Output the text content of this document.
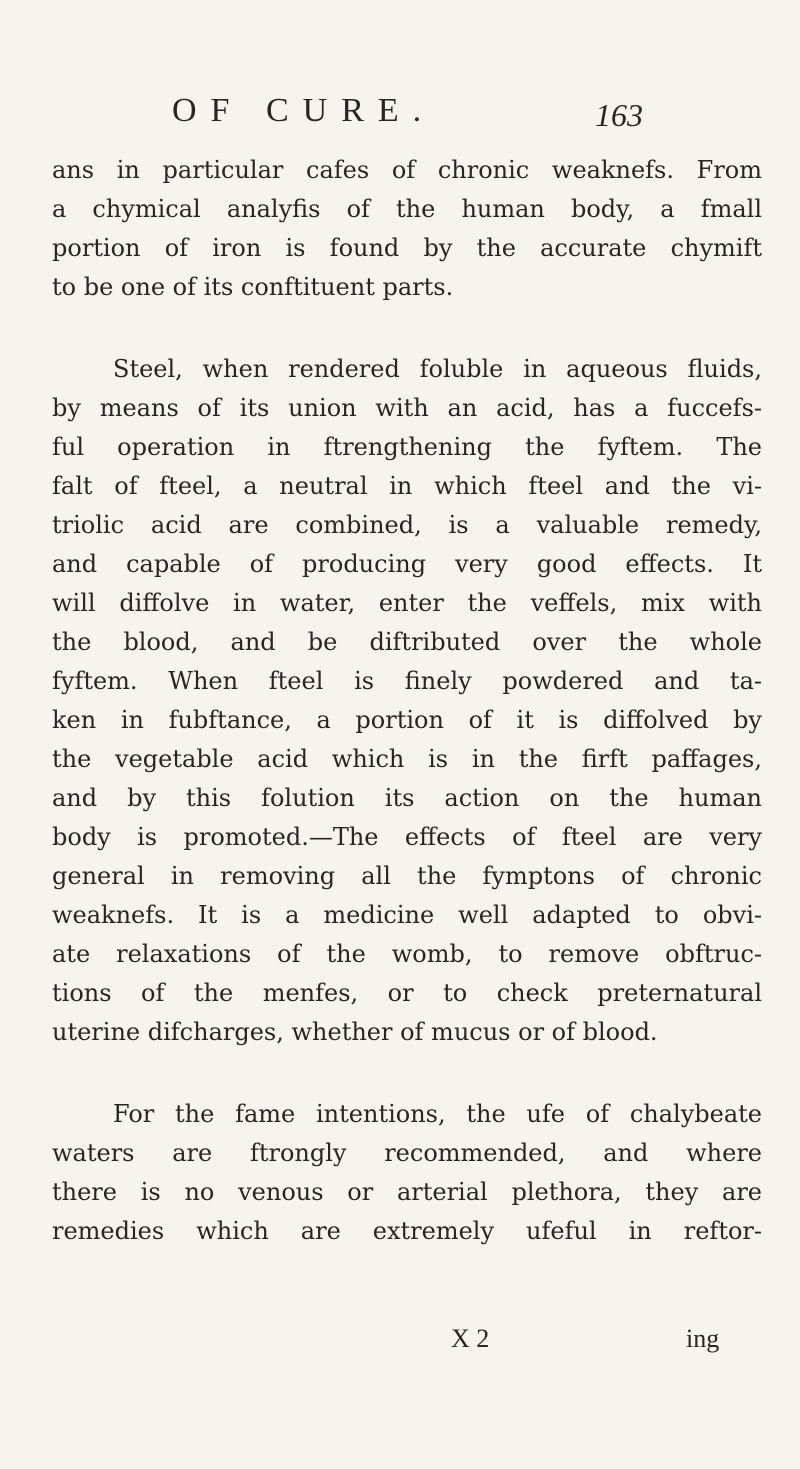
OF CURE.	163
ans in particular cafes of chronic weaknefs. From
a chymical analyfis of the human body, a fmall
portion of iron is found by the accurate chymift
to be one of its conftituent parts.
Steel, when rendered foluble in aqueous fluids,
by means of its union with an acid, has a fuccefs-
ful operation in ftrengthening the fyftem. The
falt of fteel, a neutral in which fteel and the vi-
triolic acid are combined, is a valuable remedy,
and capable of producing very good effects. It
will diffolve in water, enter the veffels, mix with
the blood, and be diftributed over the whole
fyftem. When fteel is finely powdered and ta-
ken in fubftance, a portion of it is diffolved by
the vegetable acid which is in the firft paffages,
and by this folution its action on the human
body is promoted.—The effects of fteel are very
general in removing all the fymptons of chronic
weaknefs. It is a medicine well adapted to obvi-
ate relaxations of the womb, to remove obftruc-
tions of the menfes, or to check preternatural
uterine difcharges, whether of mucus or of blood.
For the fame intentions, the ufe of chalybeate
waters are ftrongly recommended, and where
there is no venous or arterial plethora, they are
remedies which are extremely ufeful in reftor-
X 2	ing
